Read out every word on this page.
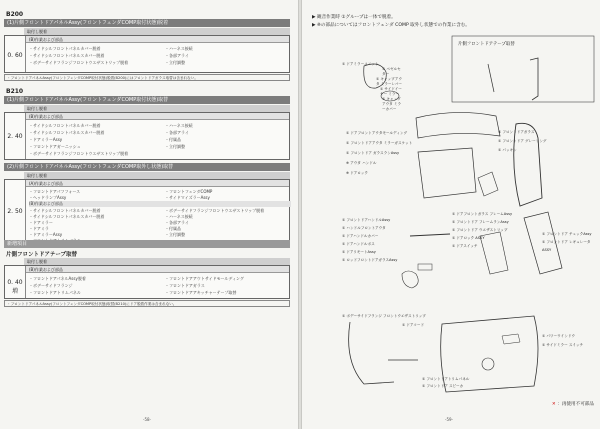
B200
(1)片側フロントドアパネルAssy(フロントフェンダCOMP取付状態)脱着
取付し脱着
0. 60
(B)作業および部品
・サイドシルフロントパネルカバー脱着	・ハーネス接続
・サイドシルフロントパネルスカバー脱着	・各部アライ
・ボデーサイドフランジフロントウエザストリップ脱着	・立付調整
・フロントドアパネルAssy(フロントフェンダCOMP取付状態)脱着(B200)にはフロントドアガラス取替は含まれない。
B210
(1)片側フロントドアパネルAssy(フロントフェンダCOMP取付状態)取替
取付し脱着
2. 40
(B)作業および部品
・サイドシルフロントパネルカバー脱着	・ハーネス接続
・サイドシルフロントパネルスカバー脱着	・各部アライ
・ドアミラーAssy	・付属品
・フロントドアガーニッシュ	・立付調整
・ボデーサイドフランジフロントウエザストリップ脱着
(2)片側フロントドアパネルAssy(フロントフェンダCOMP取外し状態)取替
取付し脱着
2. 50
(A)作業および部品
・フロントドアパフフォース	・フロントフェンダCOMP
・ヘッドランプAssy	・サイドマイズラーAssy
(B)作業および部品
・サイドシルフロントパネルカバー脱着	・ボデーサイドフランジフロントウエザストリップ脱着
・サイドシルフロントパネルスカバー脱着	・ハーネス接続
・ドアミラー	・各部アライ
・ドアミラ	・付属品
・ドアミラーAssy	・立付調整
新増項目
片側フロントドアテープ取替
取付し脱着
0. 40増
(B)作業および部品
・フロントドアパネルAssy脱着	・フロントドアアウトサイドモールディング
・ボデーサイドフランジ	・フロントドアガラス
・フロントドアトリムパネル	・フロントドアアキッチャーテープ取替
・フロントドアパネルAssy(フロントフェンダCOMP取付状態)取替(B210)にドア脱着作業は含まれない。
-58-
▶ 観音作業時 ①グループは一体で脱着。
▶ ※の部品についてはフロントフェンダ COMP 取外し状態での作業に含む。
片側フロントドアテープ取替
① ドアミラーユニット
① ベゼルセター
① キャップアウタ ミラーレバー
① サイドイーヤー ミラー
① キャップアウタ ミラーカバー
① ドアフロントアウタモールディング
① フロントドアアウタ ミラーガスケット
① フロントドア ガラスランAssy
※ アウタ ハンドル
※ ドアロック
① フロントドアガラス
① フロントドア グレーリング
① パッキン
① フロントドアハンドルAssy
① ハンドルフロントアウタ
① ドアハンドルカバー
① ドアハンドルボス
① ドアリモートAssy
① ロッドフロントドアガラスAssy
① ドアフロントガラス フレームAssy
① フロントドア フレームランAssy
① フロントドア ウエザストリップ
① ドアロック ASSY
① ドアスイッチ
① フロントドア チェックAssy
① フロントドア レギュレータ ASSY
① ボデーサイドフランジ フロントウエザストリップ
① ドアコード
① フロントドアトリムパネル
① フロントドア スピーカ
① パワーウインドウ
① サイドミラー スイッチ
✕ ：再使用不可部品
-59-
